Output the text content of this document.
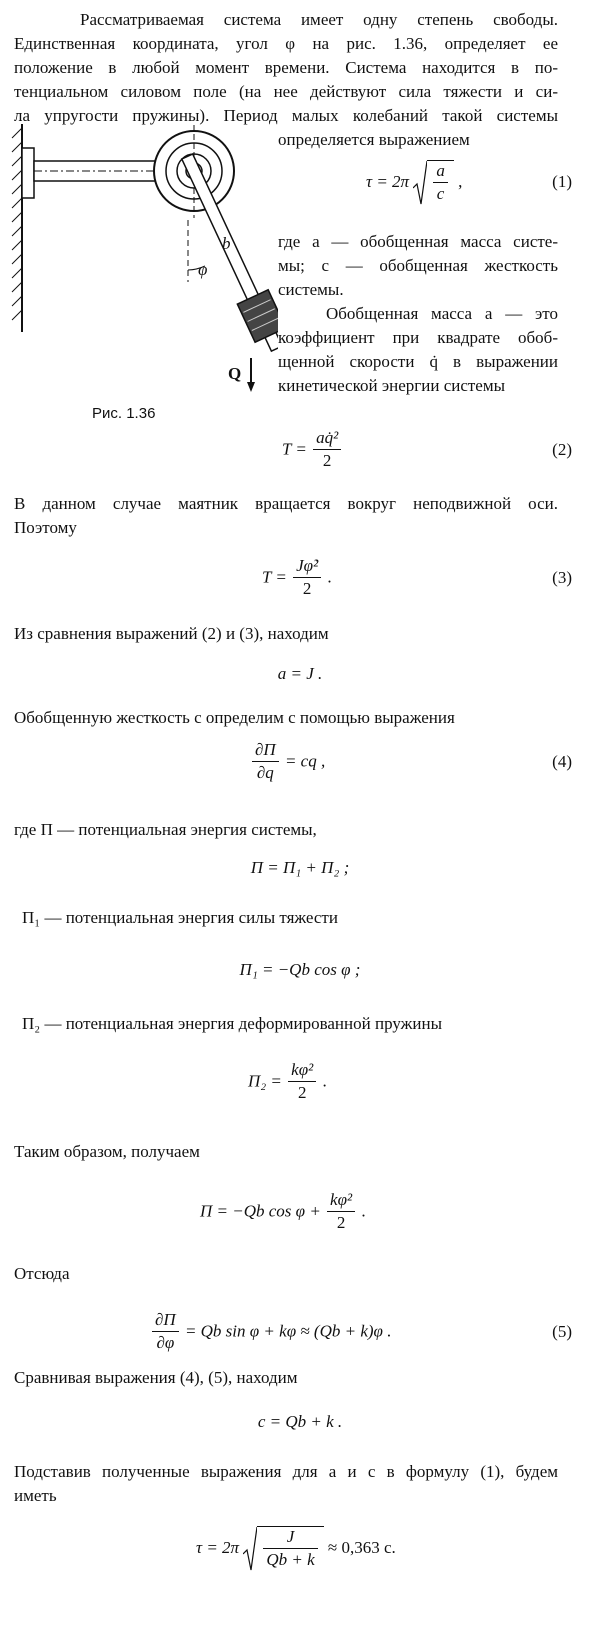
Рассматриваемая система имеет одну степень свободы.
Единственная координата, угол φ на рис. 1.36, определяет ее
положение в любой момент времени. Система находится в по-
тенциальном силовом поле (на нее действуют сила тяжести и си-
ла упругости пружины). Период малых колебаний такой системы
определяется выражением
b
φ
Q
Рис. 1.36
$\tau = 2\pi \frac{a}{c}$ ,	(1)
где a — обобщенная масса систе-
мы; c — обобщенная жесткость
системы.
Обобщенная масса a — это
коэффициент при квадрате обоб-
щенной скорости q̇ в выражении
кинетической энергии системы
$T = \frac{\text{aq̇²}}{2}$	(2)
В данном случае маятник вращается вокруг неподвижной оси.
Поэтому
$T = \frac{\text{Jφ̇²}}{2}$ .	(3)
Из сравнения выражений (2) и (3), находим
a = J .
Обобщенную жесткость c определим с помощью выражения
$\frac{\partial\Pi}{\partial q}$ = cq ,	(4)
где Π — потенциальная энергия системы,
Π = Π₁ + Π₂ ;
Π₁ — потенциальная энергия силы тяжести
Π₁ = −Qb cos φ ;
Π₂ — потенциальная энергия деформированной пружины
$\Pi_2 = \frac{\text{kφ²}}{2}$ .
Таким образом, получаем
Π = −Qb $\cos \varphi + \frac{\text{kφ²}}{2}$ .
Отсюда
$\frac{\partial\Pi}{\partial\varphi} = Qb$ sin φ + kφ ≈ (Qb + k)φ .	(5)
Сравнивая выражения (4), (5), находим
c = Qb + k .
Подставив полученные выражения для a и c в формулу (1), будем
иметь
$\tau = 2\pi \frac{J}{Qb + k} \approx 0,363$ с.
